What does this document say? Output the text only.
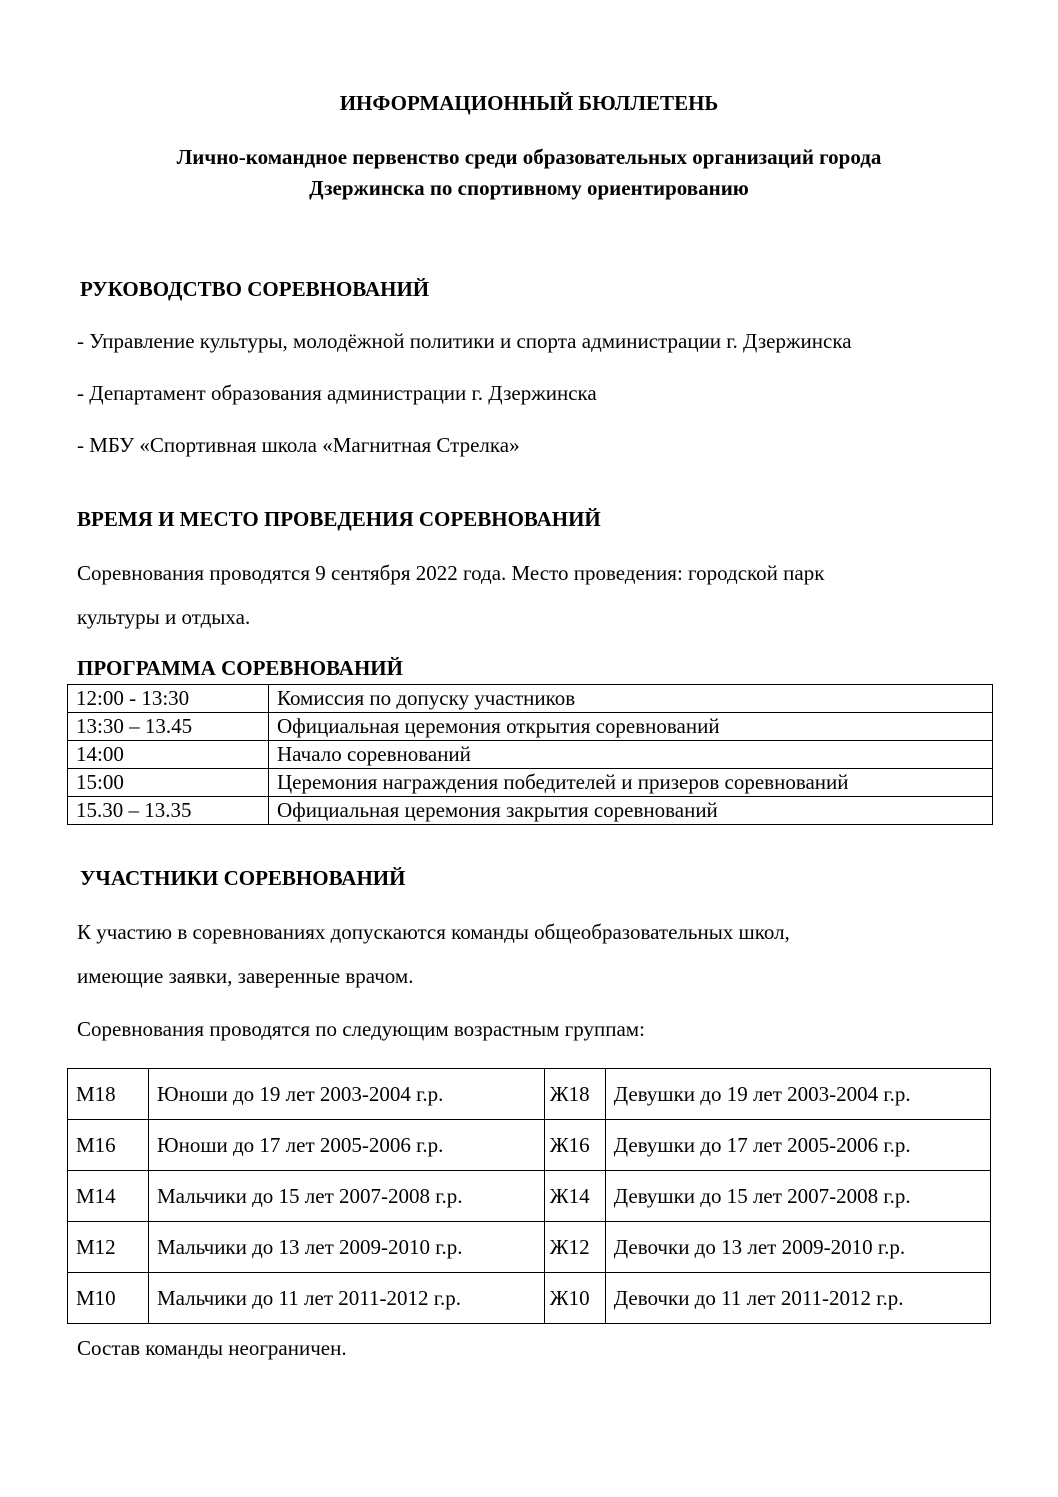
ИНФОРМАЦИОННЫЙ БЮЛЛЕТЕНЬ
Лично-командное первенство среди образовательных организаций города
Дзержинска по спортивному ориентированию
РУКОВОДСТВО СОРЕВНОВАНИЙ
- Управление культуры, молодёжной политики и спорта администрации г. Дзержинска
- Департамент образования администрации г. Дзержинска
- МБУ «Спортивная школа «Магнитная Стрелка»
ВРЕМЯ И МЕСТО ПРОВЕДЕНИЯ СОРЕВНОВАНИЙ
Соревнования проводятся 9 сентября 2022 года. Место проведения: городской парк
культуры и отдыха.
ПРОГРАММА СОРЕВНОВАНИЙ
12:00 - 13:30	Комиссия по допуску участников
13:30 – 13.45	Официальная церемония открытия соревнований
14:00	Начало соревнований
15:00	Церемония награждения победителей и призеров соревнований
15.30 – 13.35	Официальная церемония закрытия соревнований
УЧАСТНИКИ СОРЕВНОВАНИЙ
К участию в соревнованиях допускаются команды общеобразовательных школ,
имеющие заявки, заверенные врачом.
Соревнования проводятся по следующим возрастным группам:
М18	Юноши до 19 лет 2003-2004 г.р.	Ж18	Девушки до 19 лет 2003-2004 г.р.
М16	Юноши до 17 лет 2005-2006 г.р.	Ж16	Девушки до 17 лет 2005-2006 г.р.
М14	Мальчики до 15 лет 2007-2008 г.р.	Ж14	Девушки до 15 лет 2007-2008 г.р.
М12	Мальчики до 13 лет 2009-2010 г.р.	Ж12	Девочки до 13 лет 2009-2010 г.р.
М10	Мальчики до 11 лет 2011-2012 г.р.	Ж10	Девочки до 11 лет 2011-2012 г.р.
Состав команды неограничен.
